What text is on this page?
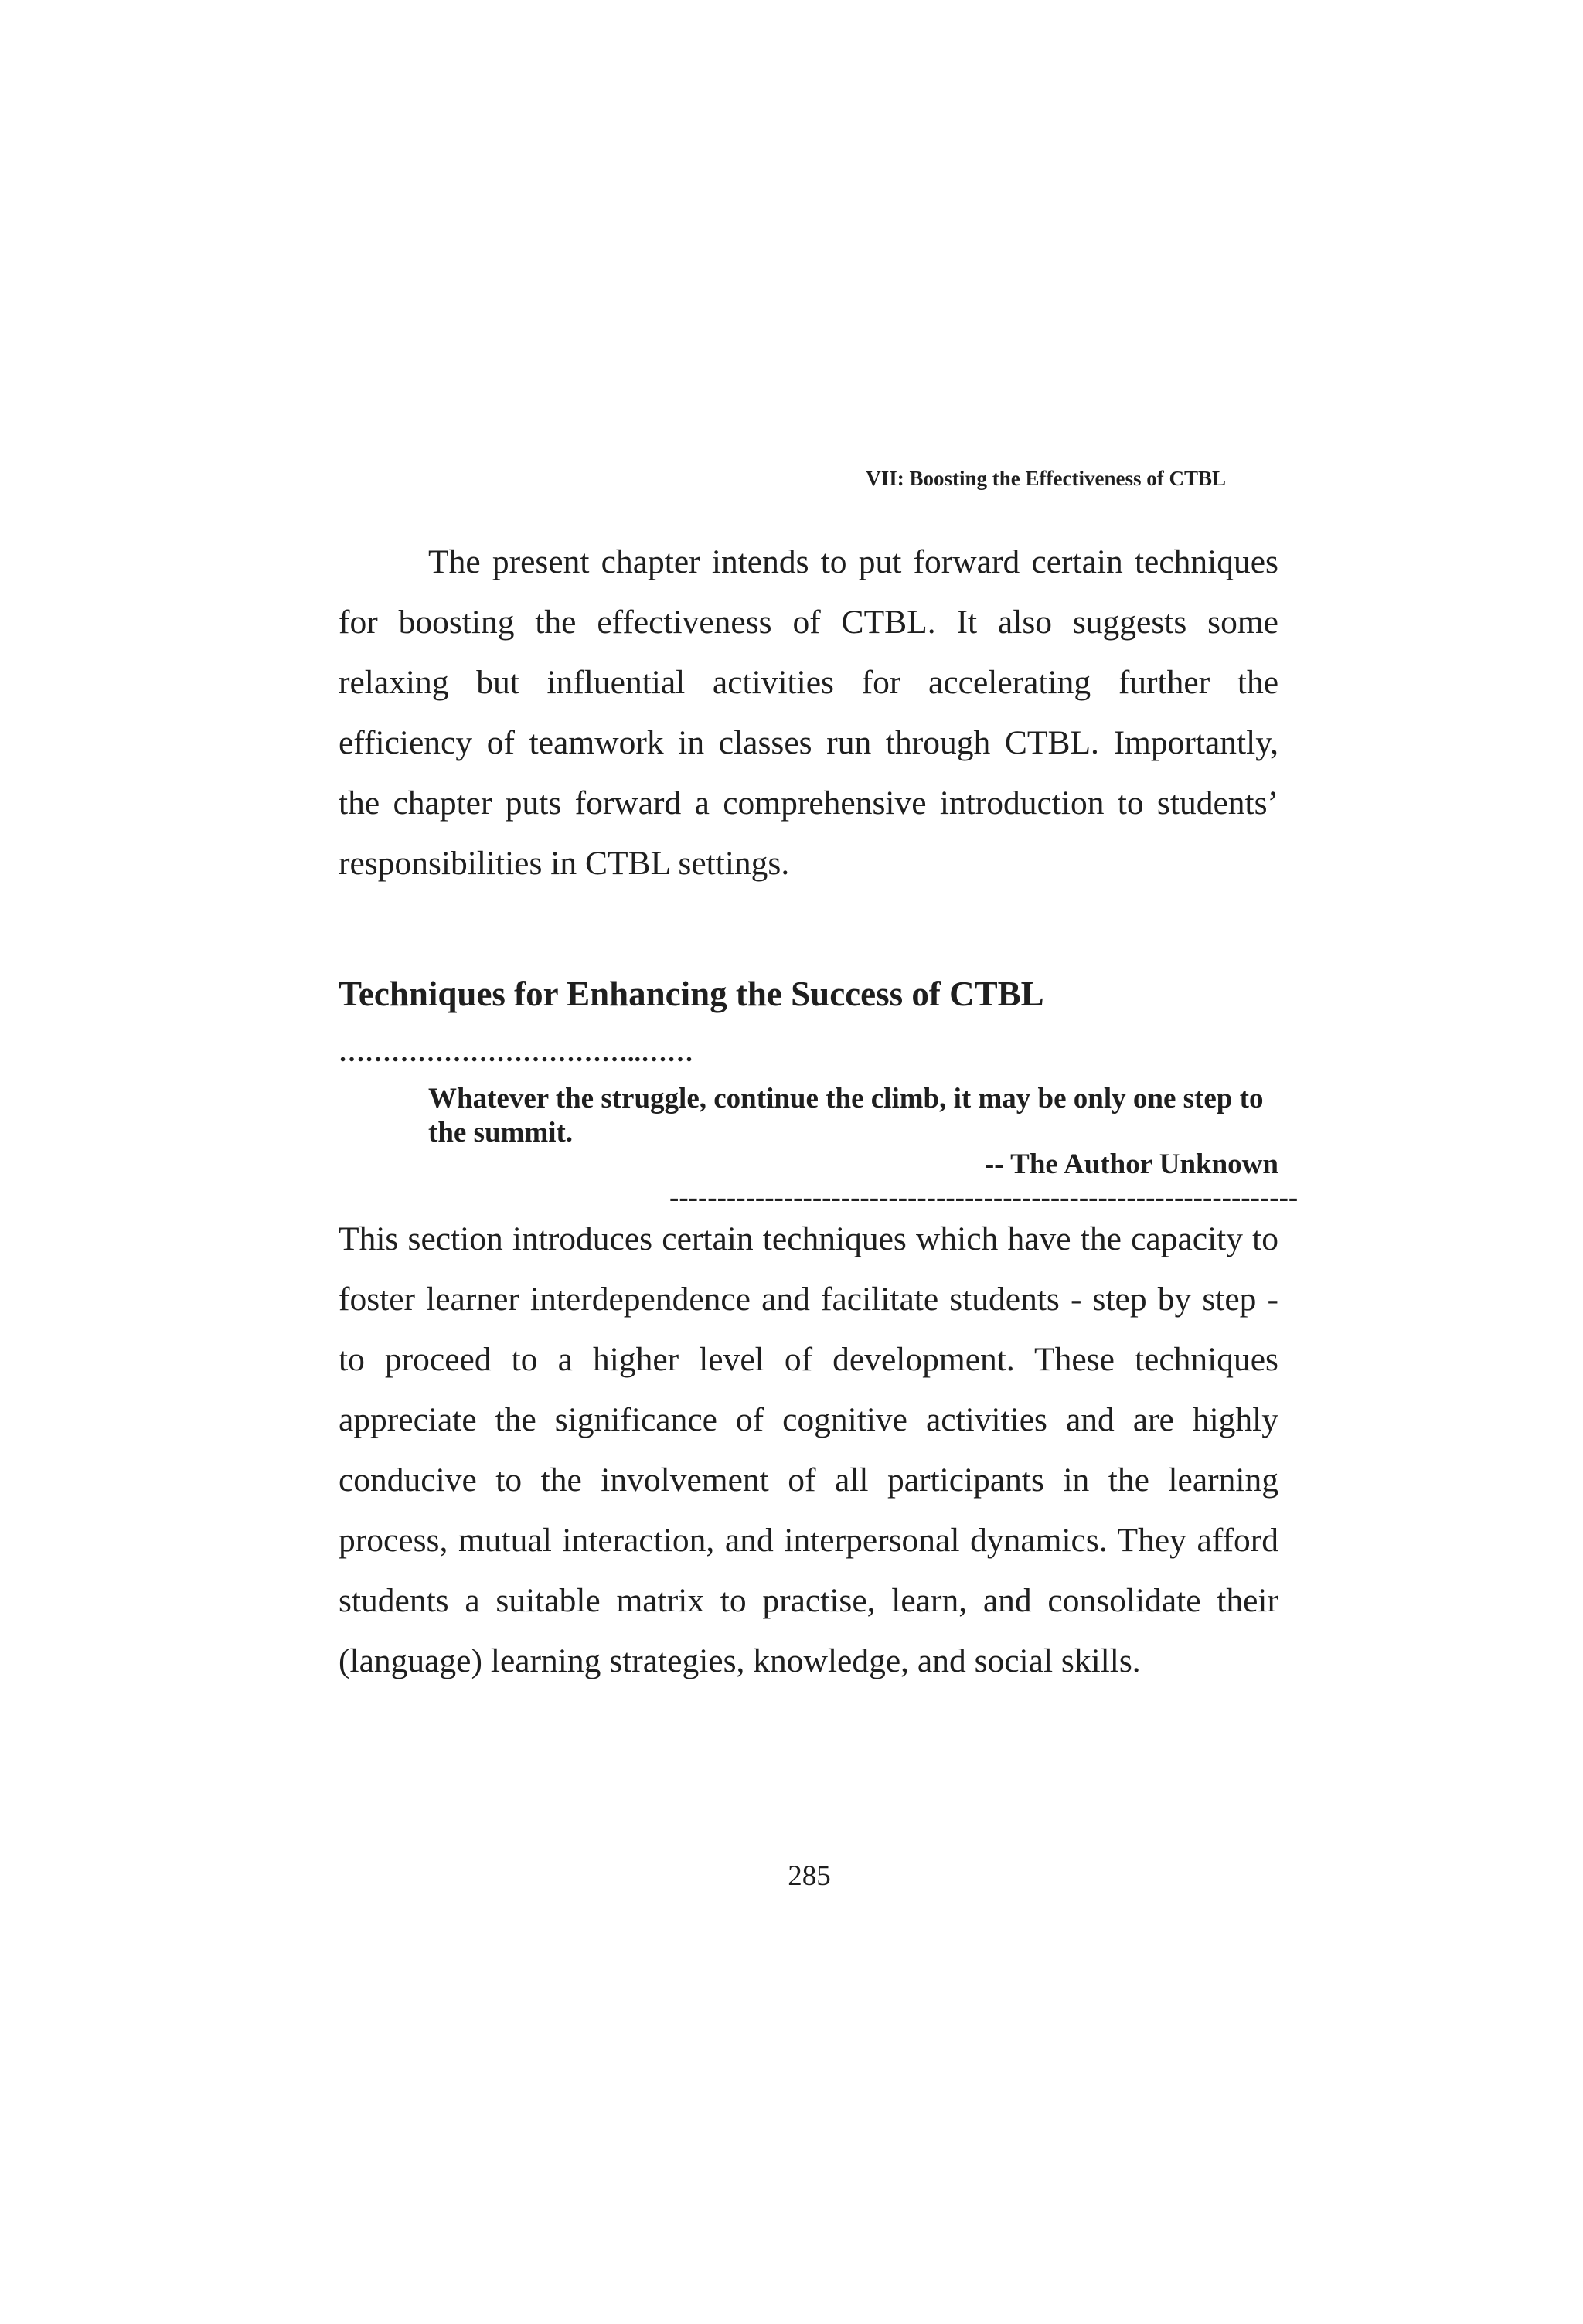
VII: Boosting the Effectiveness of CTBL

The present chapter intends to put forward certain techniques for boosting the effectiveness of CTBL. It also suggests some relaxing but influential activities for accelerating further the efficiency of teamwork in classes run through CTBL. Importantly, the chapter puts forward a comprehensive introduction to students’ responsibilities in CTBL settings.

Techniques for Enhancing the Success of CTBL
……………………………..……

Whatever the struggle, continue the climb, it may be only one step to the summit.

-- The Author Unknown
------------------------------------------------------------------

This section introduces certain techniques which have the capacity to foster learner interdependence and facilitate students - step by step - to proceed to a higher level of development. These techniques appreciate the significance of cognitive activities and are highly conducive to the involvement of all participants in the learning process, mutual interaction, and interpersonal dynamics. They afford students a suitable matrix to practise, learn, and consolidate their (language) learning strategies, knowledge, and social skills.

285
